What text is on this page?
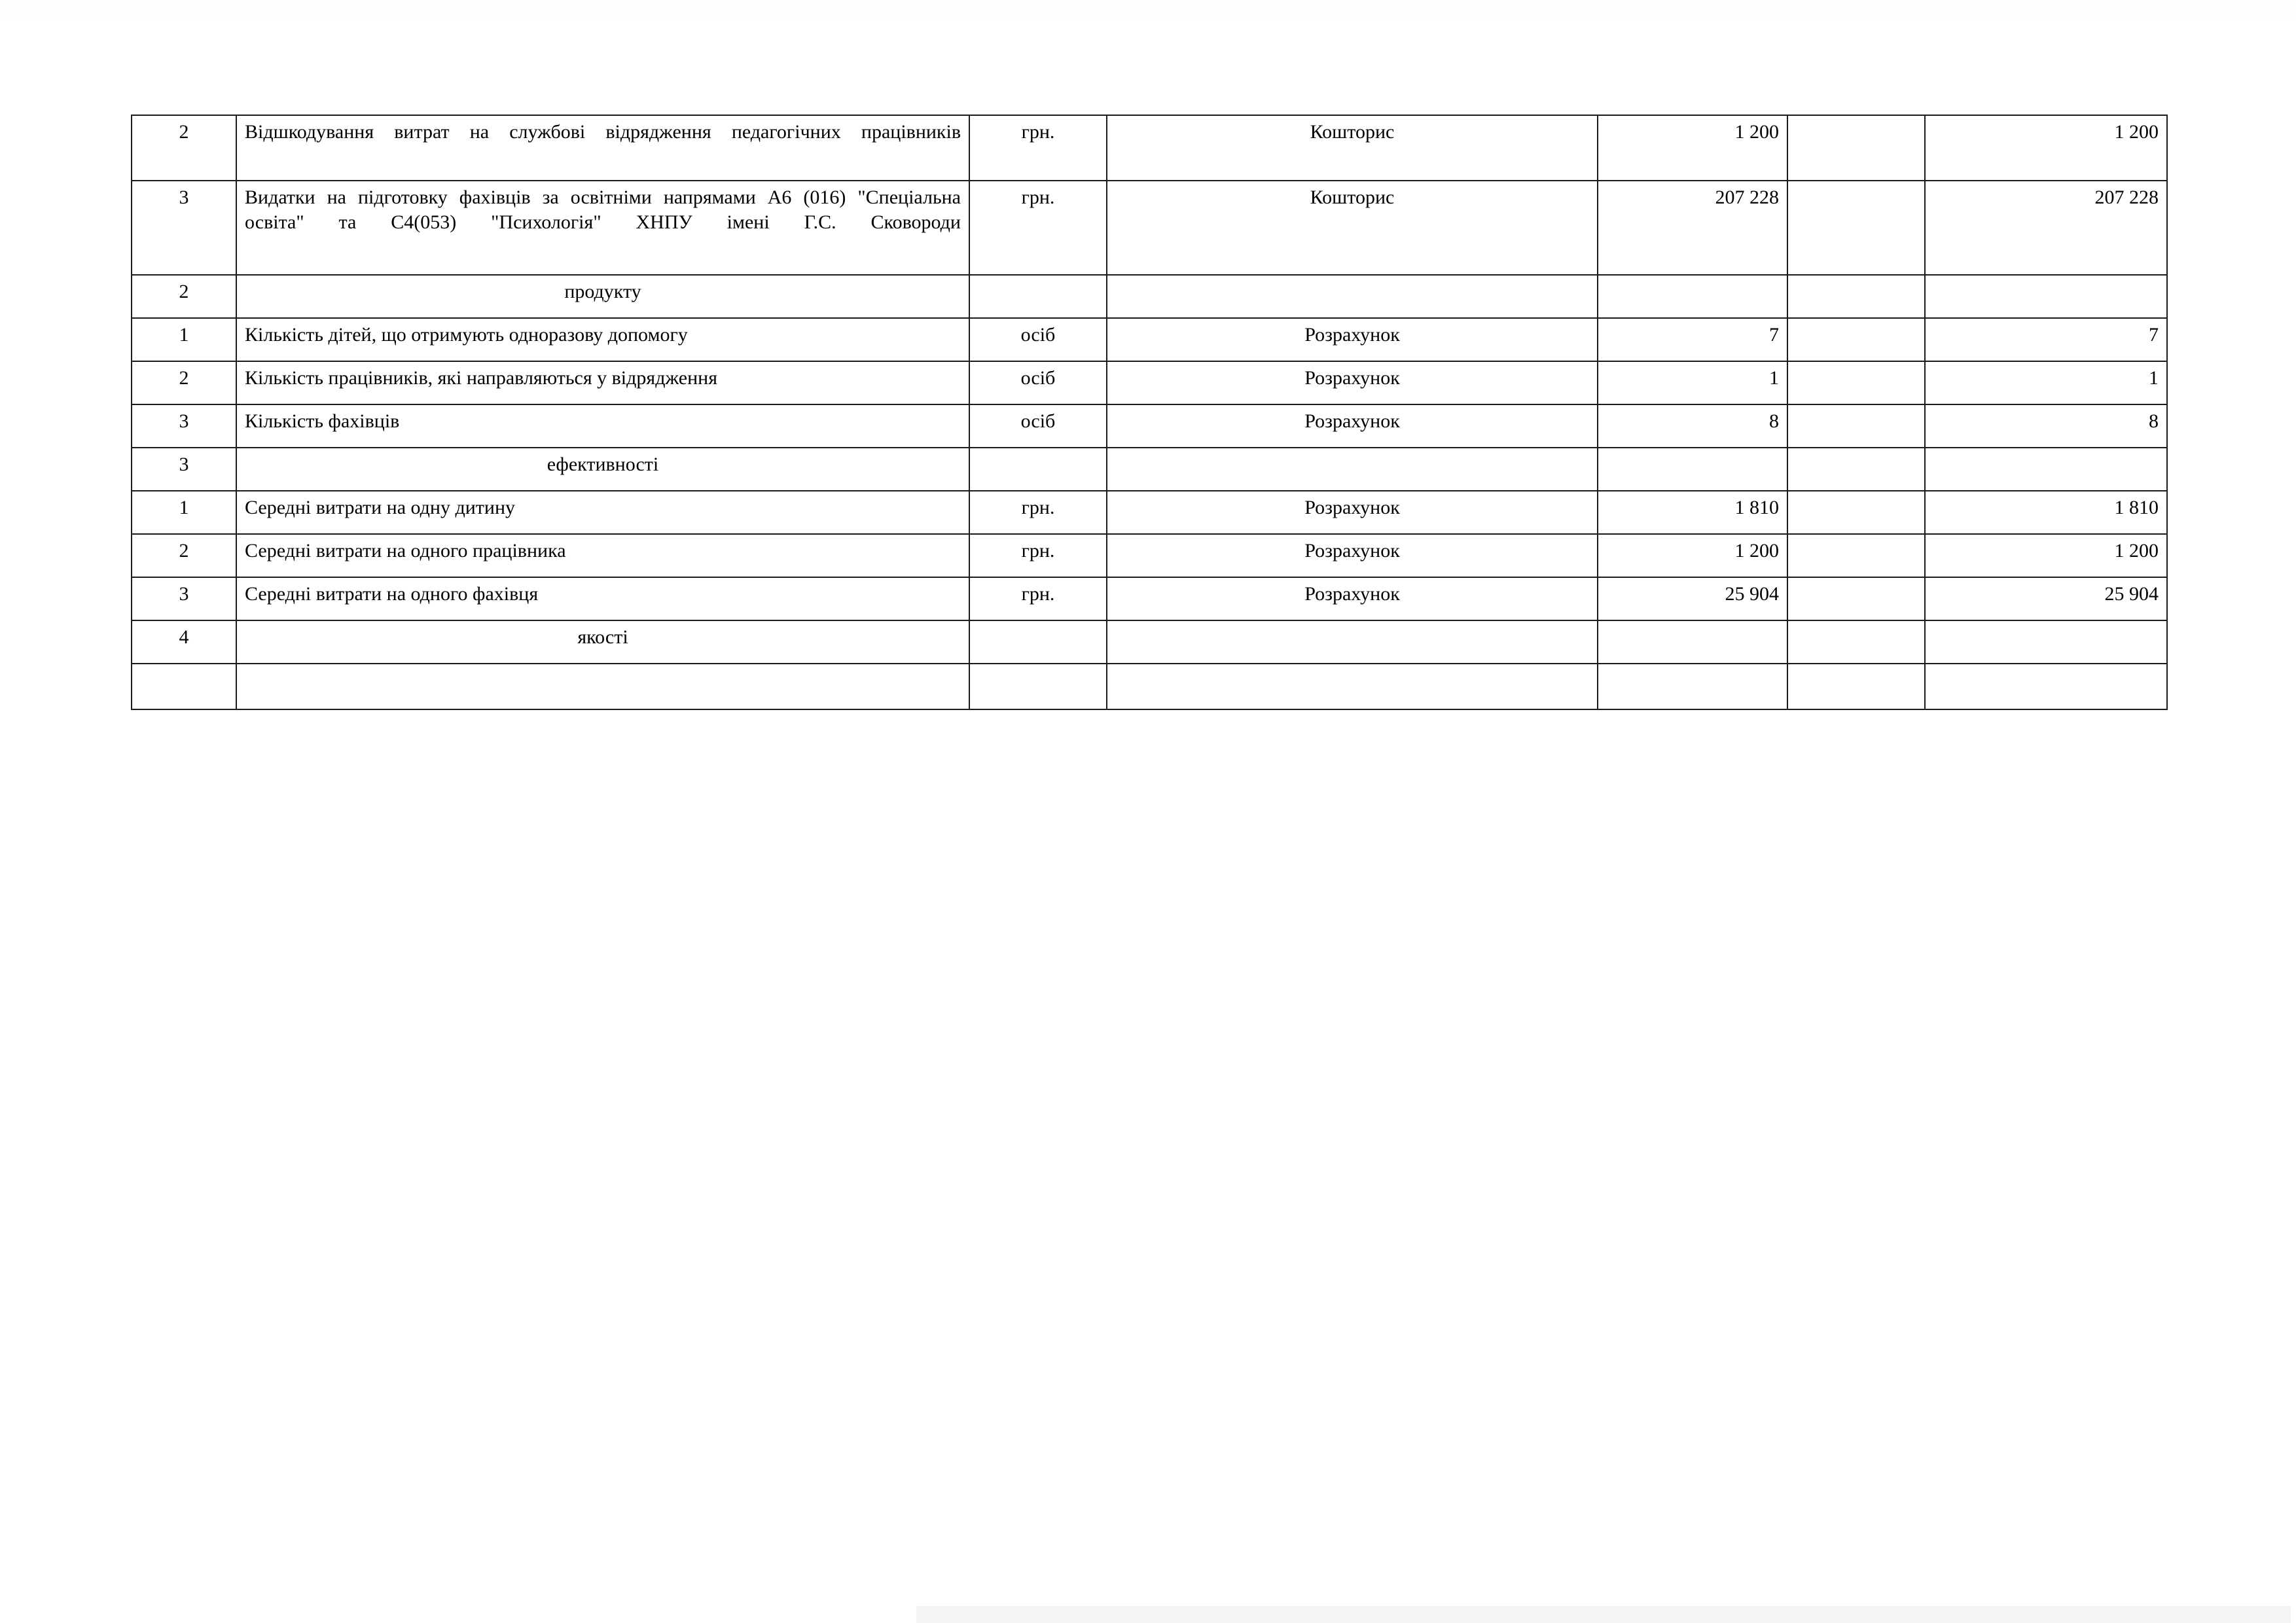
2	Відшкодування витрат на службові відрядження педагогічних працівників	грн.	Кошторис	1 200		1 200
3	Видатки на підготовку фахівців за освітніми напрямами А6 (016) "Спеціальна освіта" та С4(053) "Психологія" ХНПУ імені Г.С. Сковороди	грн.	Кошторис	207 228		207 228
2	продукту					
1	Кількість дітей, що отримують одноразову допомогу	осіб	Розрахунок	7		7
2	Кількість працівників, які направляються у відрядження	осіб	Розрахунок	1		1
3	Кількість фахівців	осіб	Розрахунок	8		8
3	ефективності					
1	Середні витрати на одну дитину	грн.	Розрахунок	1 810		1 810
2	Середні витрати на одного працівника	грн.	Розрахунок	1 200		1 200
3	Середні витрати на одного фахівця	грн.	Розрахунок	25 904		25 904
4	якості					
